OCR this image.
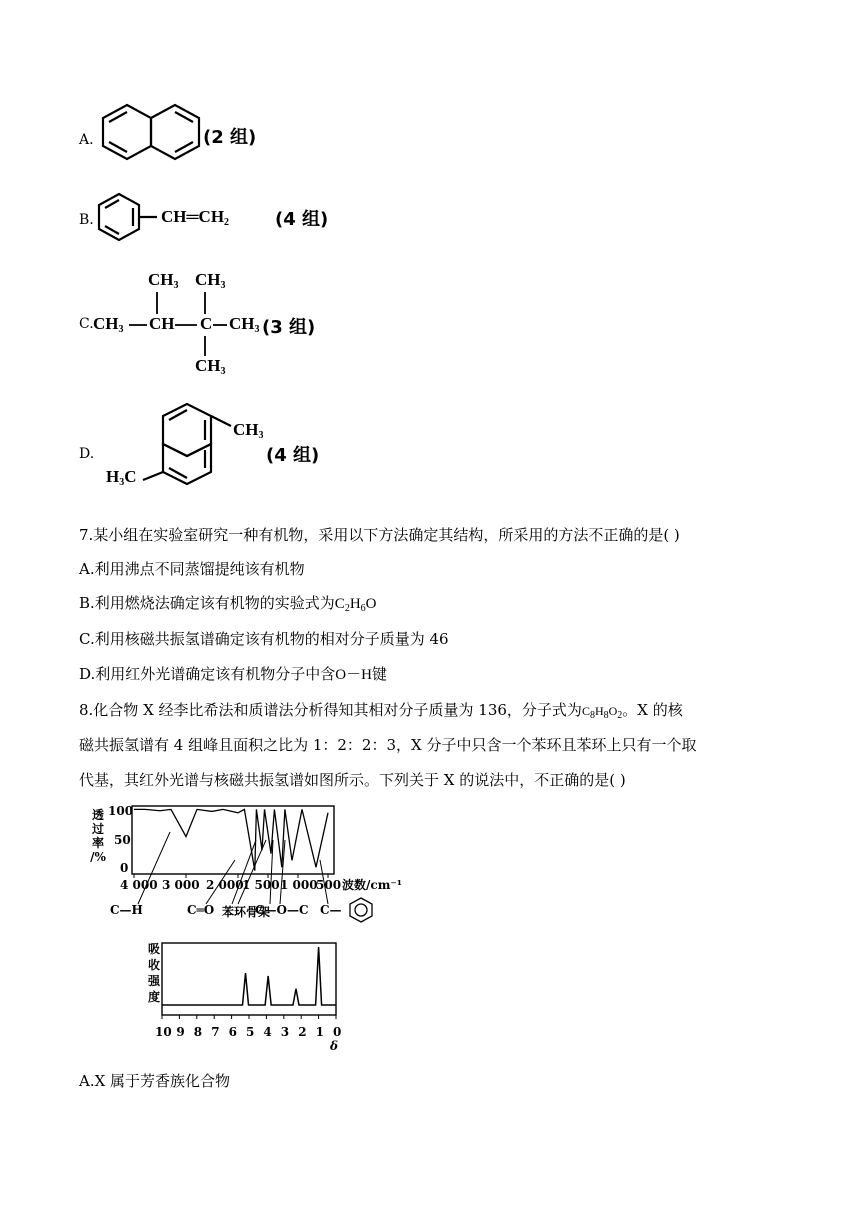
A.	(2 组)
B.	$CH═CH_2$	(4 组)
C.
$CH_3$ $CH_3$
$CH_3$ CH C $CH_3$
$CH_3$
(3 组)
D.
$CH_3$
$H_3C$
(4 组)
7.某小组在实验室研究一种有机物，采用以下方法确定其结构，所采用的方法不正确的是( )
A.利用沸点不同蒸馏提纯该有机物
B.利用燃烧法确定该有机物的实验式为$C_2H_6O$
C.利用核磁共振氢谱确定该有机物的相对分子质量为 46
D.利用红外光谱确定该有机物分子中含O－H键
8.化合物 X 经李比希法和质谱法分析得知其相对分子质量为 136，分子式为$C_8H_8O_2$。X 的核
磁共振氢谱有 4 组峰且面积之比为 1：2：2：3，X 分子中只含一个苯环且苯环上只有一个取
代基，其红外光谱与核磁共振氢谱如图所示。下列关于 X 的说法中，不正确的是( )
透
过
率
/%
100
50
0
4 000 3 000 2 000
1 500 1 000
500 波数/cm⁻¹
C—H	C═O 苯环骨架
C—O—C C—
吸
收
强
度
10 9 8 7 6 5 4 3 2 1 0
δ
A.X 属于芳香族化合物
